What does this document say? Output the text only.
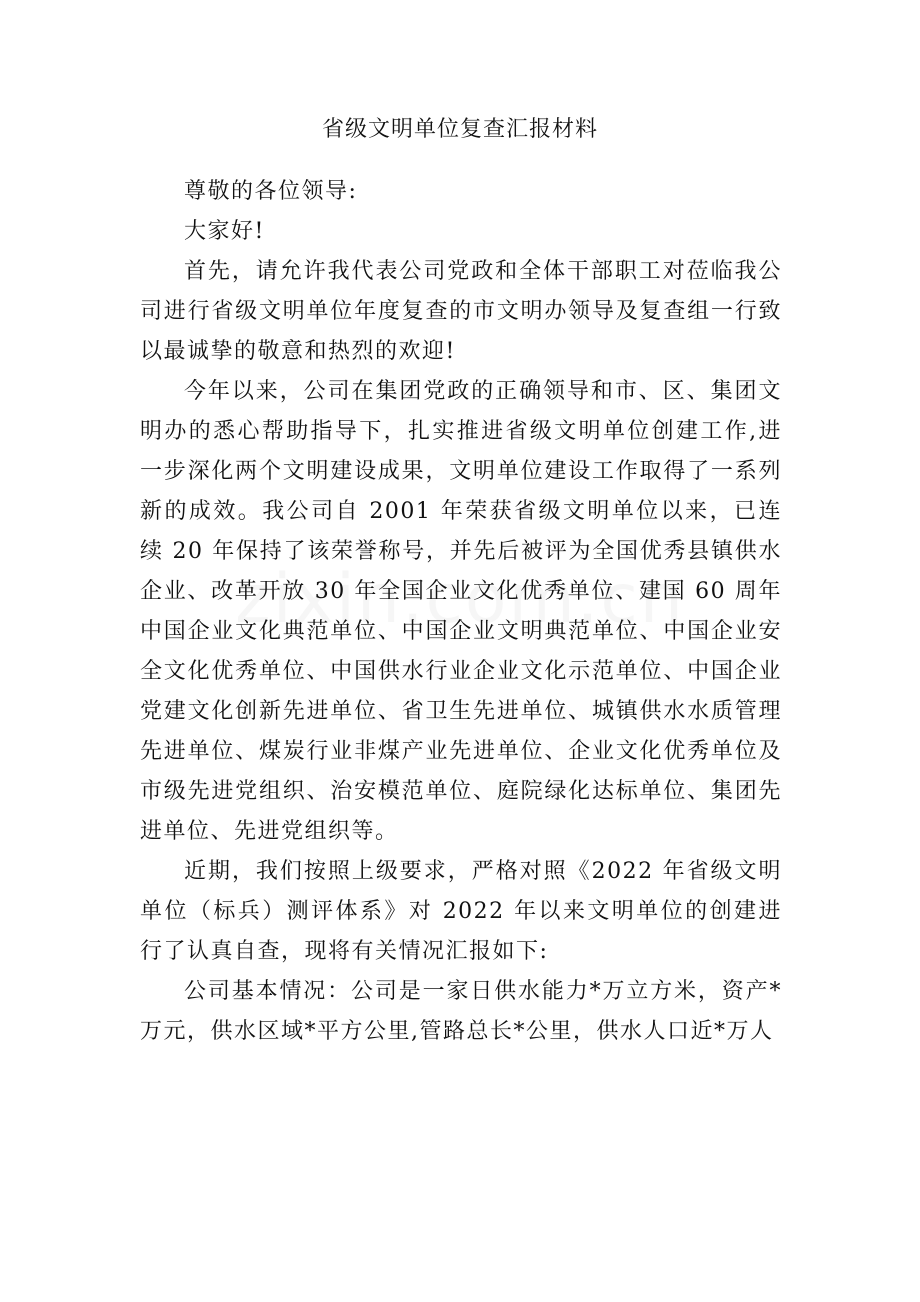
省级文明单位复查汇报材料

尊敬的各位领导:

大家好!

首先，请允许我代表公司党政和全体干部职工对莅临我公司进行省级文明单位年度复查的市文明办领导及复查组一行致以最诚挚的敬意和热烈的欢迎!

今年以来，公司在集团党政的正确领导和市、区、集团文明办的悉心帮助指导下，扎实推进省级文明单位创建工作,进一步深化两个文明建设成果，文明单位建设工作取得了一系列新的成效。我公司自 2001 年荣获省级文明单位以来，已连续 20 年保持了该荣誉称号，并先后被评为全国优秀县镇供水企业、改革开放 30 年全国企业文化优秀单位、建国 60 周年中国企业文化典范单位、中国企业文明典范单位、中国企业安全文化优秀单位、中国供水行业企业文化示范单位、中国企业党建文化创新先进单位、省卫生先进单位、城镇供水水质管理先进单位、煤炭行业非煤产业先进单位、企业文化优秀单位及市级先进党组织、治安模范单位、庭院绿化达标单位、集团先进单位、先进党组织等。

近期，我们按照上级要求，严格对照《2022 年省级文明单位（标兵）测评体系》对 2022 年以来文明单位的创建进行了认真自查，现将有关情况汇报如下:

公司基本情况：公司是一家日供水能力*万立方米，资产*万元，供水区域*平方公里,管路总长*公里，供水人口近*万人
